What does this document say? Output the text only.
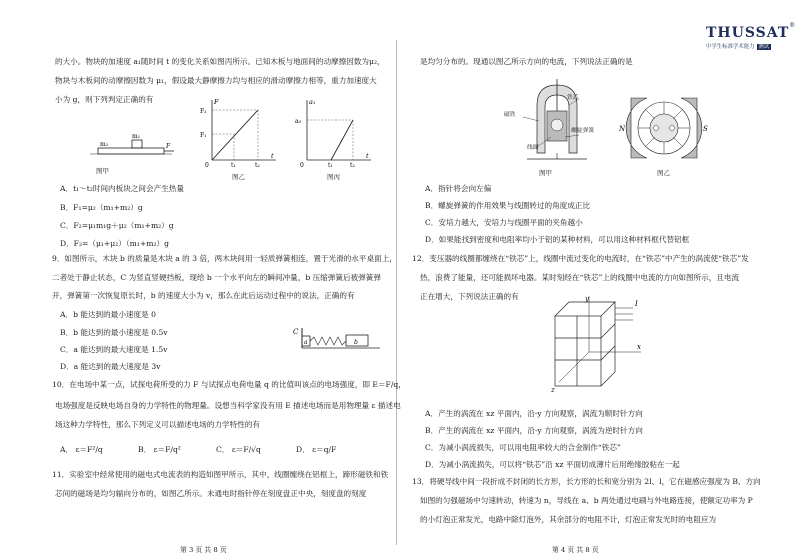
THUSSAT®
中学生标准学术能力 测试
的大小。物块的加速度 a₁随时间 t 的变化关系如图丙所示。已知木板与地面间的动摩擦因数为μ₂，
物块与木板间的动摩擦因数为 μ₁，假设最大静摩擦力均与相应的滑动摩擦力相等，重力加速度大
小为 g，则下列判定正确的有
m₁
m₂	F
图甲
F
F₂
F₁
0	t₁	t₂
t
图乙
a₁
a₀
0	t₁	t₂
t
图丙
A．t₁～t₂时间内板块之间会产生热量
B．F₁=μ₂（m₁+m₂）g
C．F₂=μ₁m₁g＋μ₂（m₁+m₂）g
D．F₂=（μ₁+μ₂）（m₁+m₂）g
9．如图所示，木块 b 的质量是木块 a 的 3 倍，两木块间用一轻质弹簧相连，置于光滑的水平桌面上，
二者处于静止状态，C 为竖直竖硬挡板，现给 b 一个水平向左的瞬间冲量，b 压缩弹簧后被弹簧弹
开，弹簧第一次恢复原长时，b 的速度大小为 v，那么在此后运动过程中的说法，正确的有
A．b 能达到的最小速度是 0
B．b 能达到的最小速度是 0.5v
C．a 能达到的最大速度是 1.5v
D．a 能达到的最大速度是 3v
C
a	b
10．在电场中某一点，试探电荷所受的力 F 与试探点电荷电量 q 的比值叫该点的电场强度，即 E＝F/q，
电场强度是反映电场自身的力学特性的物理量。设想当科学家没有用 E 描述电场而是用物理量 ε 描述电
场这种力学特性，那么下列定义可以描述电场的力学特性的有
A． ε＝F²/q	B． ε＝F/q²	C． ε＝F/√q	D． ε＝q/F
11．实验室中经常使用的磁电式电流表的构造如图甲所示，其中，线圈缠绕在铝框上，蹄形磁铁和铁
芯间的磁场是均匀辐向分布的，如图乙所示。未通电时指针停在刻度盘正中央，刻度盘的刻度
第 3 页 共 8 页
是均匀分布的。现通以图乙所示方向的电流，下列说法正确的是
磁铁
铁芯
线圈
螺旋弹簧
图甲
N	S
图乙
A．指针将会向左偏
B．螺旋弹簧的作用效果与线圈转过的角度成正比
C．安培力越大，安培力与线圈平面的夹角越小
D．如果能找到密度和电阻率均小于铝的某种材料，可以用这种材料框代替铝框
12．变压器的线圈都缠绕在“铁芯”上，线圈中流过变化的电流时，在“铁芯”中产生的涡流使“铁芯”发
热，浪费了能量，还可能损坏电器。某时刻经在“铁芯”上的线圈中电流的方向如图所示，且电流
正在增大，下列说法正确的有	y
x
z
I
A．产生的涡流在 xz 平面内，沿-y 方向观察，涡流为顺时针方向
B．产生的涡流在 xz 平面内，沿-y 方向观察，涡流为逆时针方向
C．为减小涡流损失，可以用电阻率较大的合金制作“铁芯”
D．为减小涡流损失，可以将“铁芯”沿 xz 平面切成薄片后用绝缘胶粘在一起
13．将硬导线中间一段折成不封闭的长方形，长方形的长和宽分别为 2l、l，它在磁感应强度为 B、方向
如图的匀强磁场中匀速转动，转速为 n，导线在 a、b 两处通过电刷与外电路连接，使额定功率为 P
的小灯泡正常发光，电路中除灯泡外，其余部分的电阻不计，灯泡正常发光时的电阻应为
第 4 页 共 8 页
